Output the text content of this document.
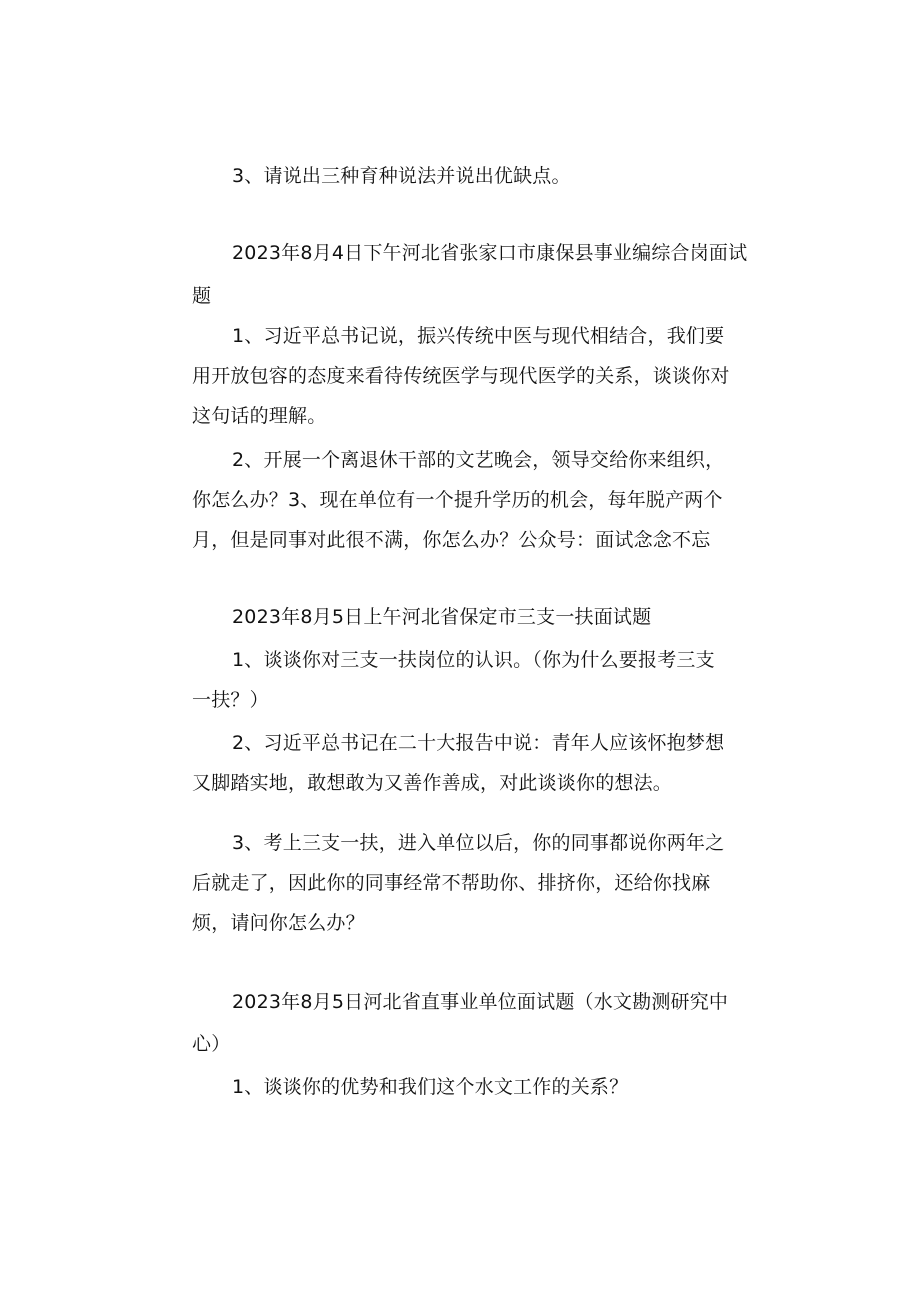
3、请说出三种育种说法并说出优缺点。
2023年8月4日下午河北省张家口市康保县事业编综合岗面试
题
1、习近平总书记说，振兴传统中医与现代相结合，我们要
用开放包容的态度来看待传统医学与现代医学的关系，谈谈你对
这句话的理解。
2、开展一个离退休干部的文艺晚会，领导交给你来组织，
你怎么办？3、现在单位有一个提升学历的机会，每年脱产两个
月，但是同事对此很不满，你怎么办？公众号：面试念念不忘
2023年8月5日上午河北省保定市三支一扶面试题
1、谈谈你对三支一扶岗位的认识。（你为什么要报考三支
一扶？）
2、习近平总书记在二十大报告中说：青年人应该怀抱梦想
又脚踏实地，敢想敢为又善作善成，对此谈谈你的想法。
3、考上三支一扶，进入单位以后，你的同事都说你两年之
后就走了，因此你的同事经常不帮助你、排挤你，还给你找麻
烦，请问你怎么办？
2023年8月5日河北省直事业单位面试题（水文勘测研究中
心）
1、谈谈你的优势和我们这个水文工作的关系？
